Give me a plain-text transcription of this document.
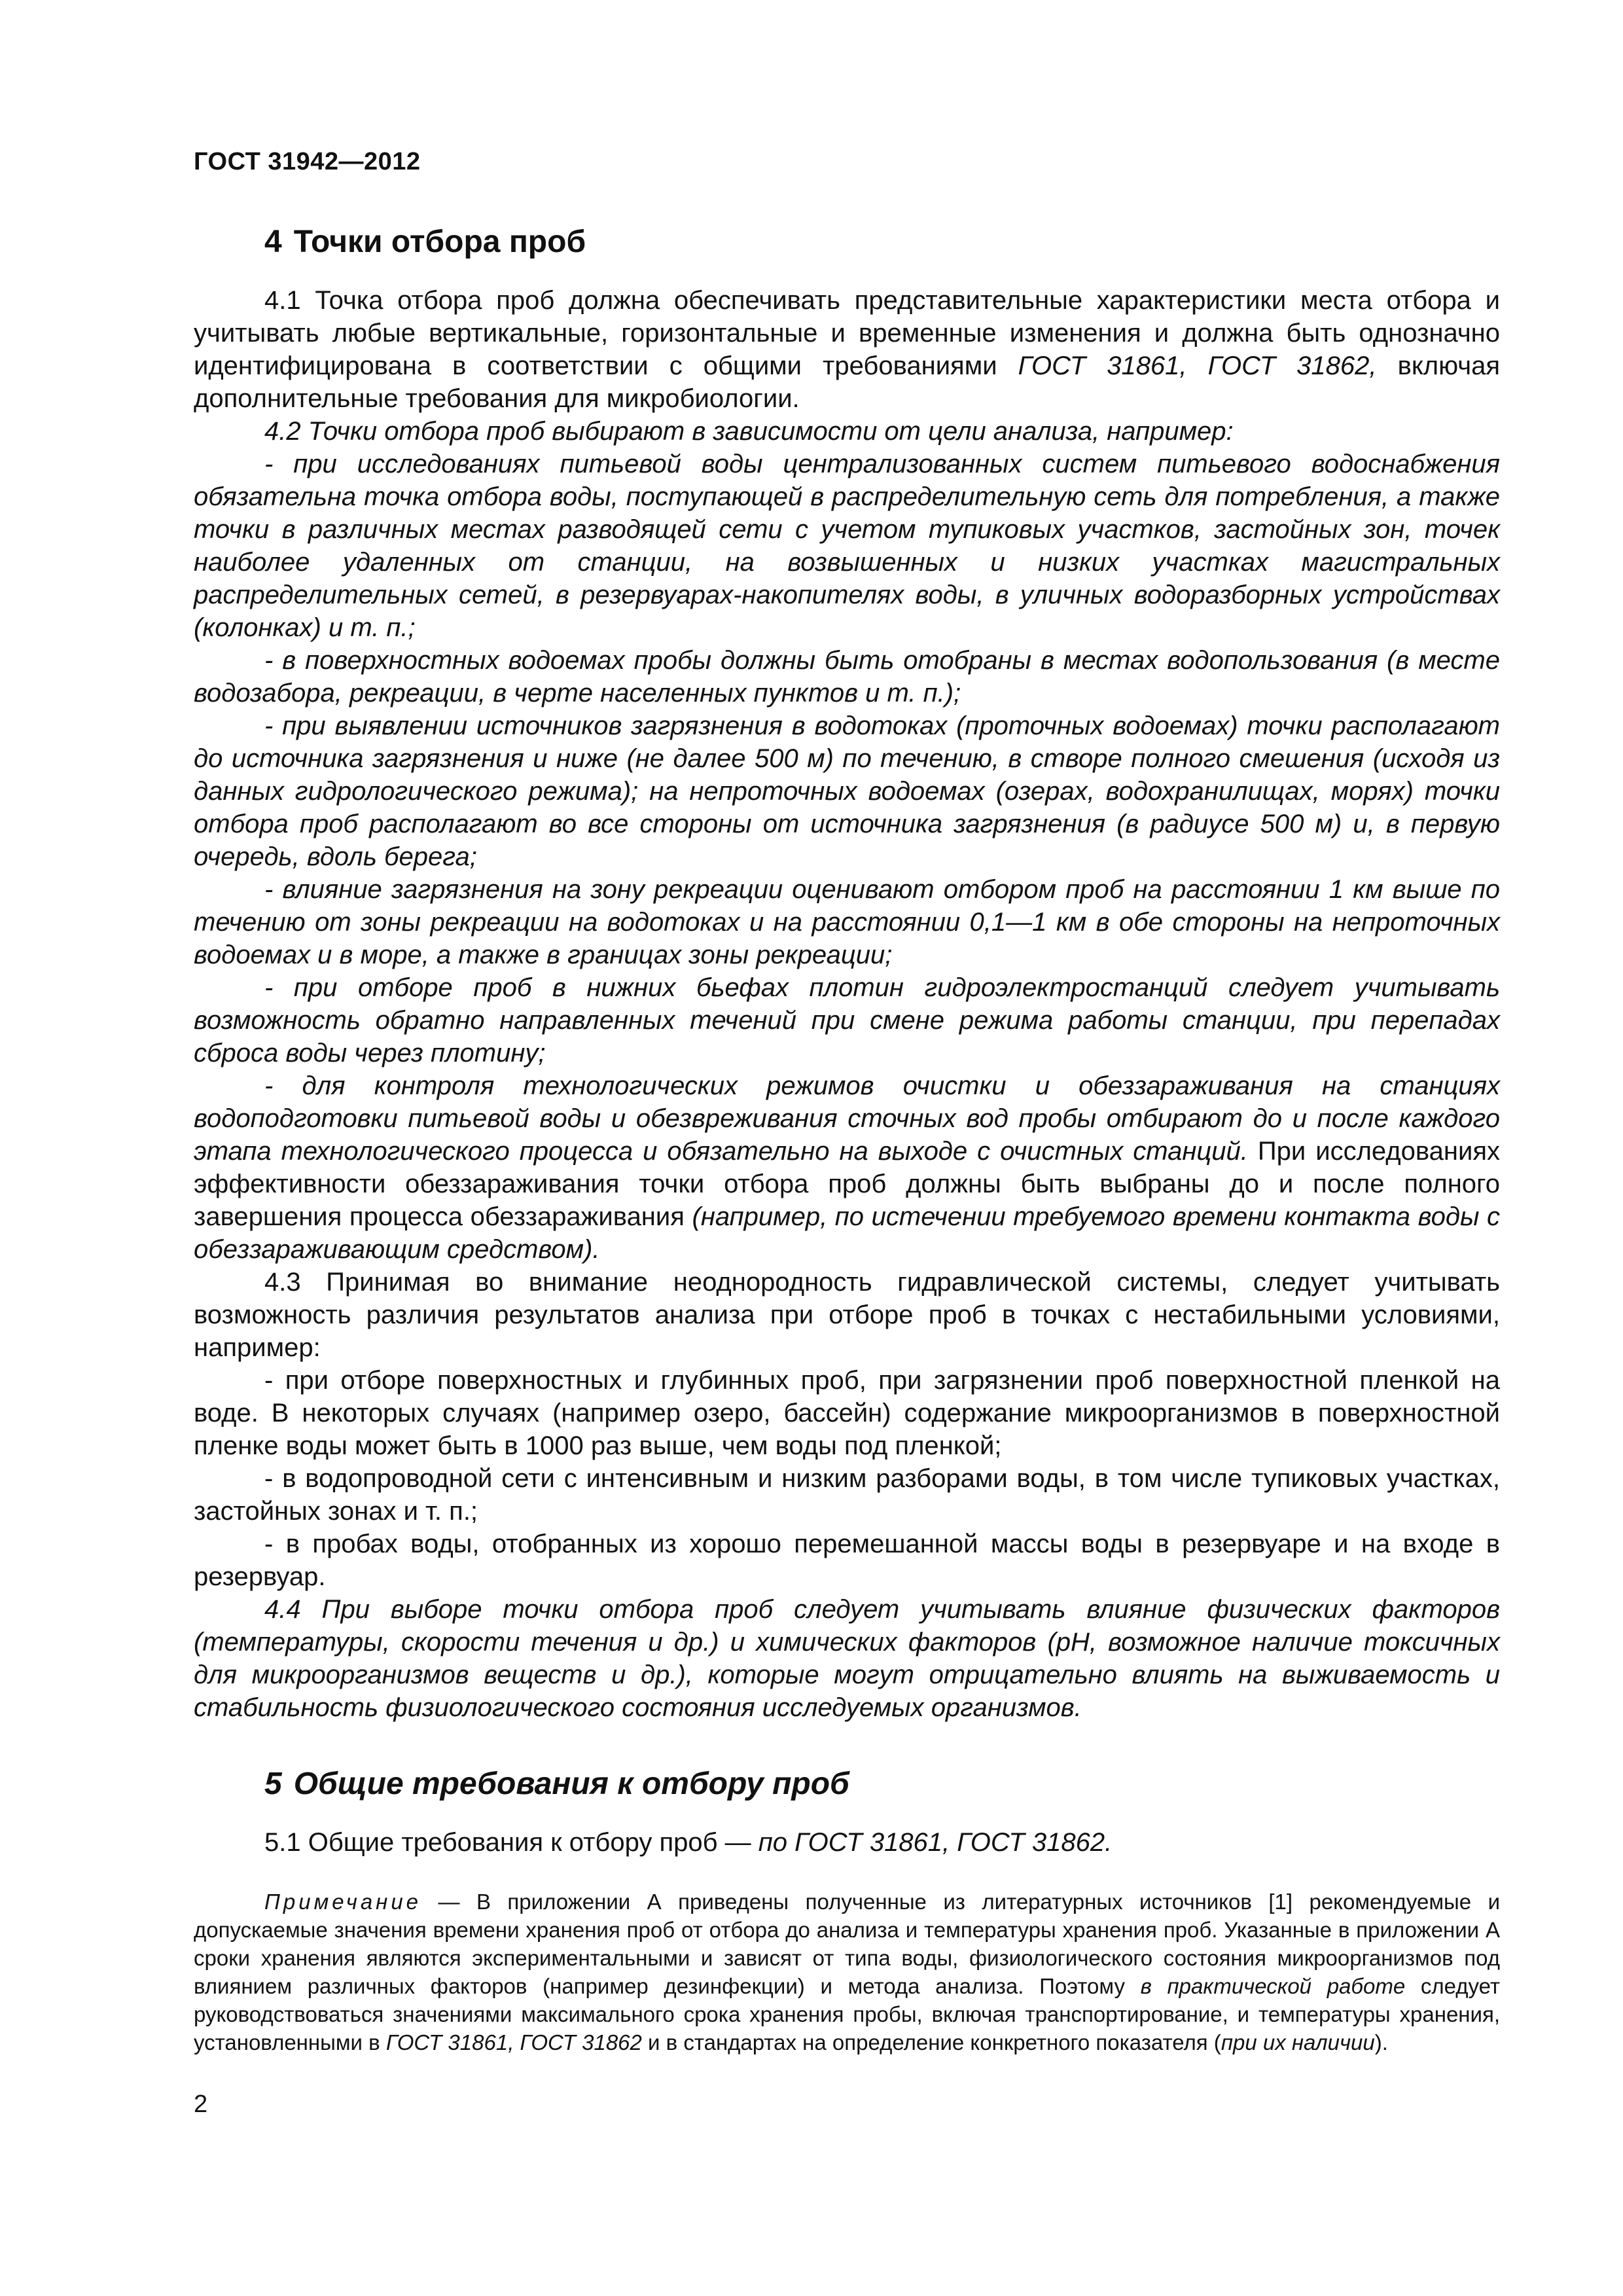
ГОСТ 31942—2012
4 Точки отбора проб

4.1 Точка отбора проб должна обеспечивать представительные характеристики места отбора и учитывать любые вертикальные, горизонтальные и временные изменения и должна быть однозначно идентифицирована в соответствии с общими требованиями ГОСТ 31861, ГОСТ 31862, включая дополнительные требования для микробиологии.

4.2 Точки отбора проб выбирают в зависимости от цели анализа, например:

- при исследованиях питьевой воды централизованных систем питьевого водоснабжения обязательна точка отбора воды, поступающей в распределительную сеть для потребления, а также точки в различных местах разводящей сети с учетом тупиковых участков, застойных зон, точек наиболее удаленных от станции, на возвышенных и низких участках магистральных распределительных сетей, в резервуарах-накопителях воды, в уличных водоразборных устройствах (колонках) и т. п.;

- в поверхностных водоемах пробы должны быть отобраны в местах водопользования (в месте водозабора, рекреации, в черте населенных пунктов и т. п.);

- при выявлении источников загрязнения в водотоках (проточных водоемах) точки располагают до источника загрязнения и ниже (не далее 500 м) по течению, в створе полного смешения (исходя из данных гидрологического режима); на непроточных водоемах (озерах, водохранилищах, морях) точки отбора проб располагают во все стороны от источника загрязнения (в радиусе 500 м) и, в первую очередь, вдоль берега;

- влияние загрязнения на зону рекреации оценивают отбором проб на расстоянии 1 км выше по течению от зоны рекреации на водотоках и на расстоянии 0,1—1 км в обе стороны на непроточных водоемах и в море, а также в границах зоны рекреации;

- при отборе проб в нижних бьефах плотин гидроэлектростанций следует учитывать возможность обратно направленных течений при смене режима работы станции, при перепадах сброса воды через плотину;

- для контроля технологических режимов очистки и обеззараживания на станциях водоподготовки питьевой воды и обезвреживания сточных вод пробы отбирают до и после каждого этапа технологического процесса и обязательно на выходе с очистных станций. При исследованиях эффективности обеззараживания точки отбора проб должны быть выбраны до и после полного завершения процесса обеззараживания (например, по истечении требуемого времени контакта воды с обеззараживающим средством).

4.3 Принимая во внимание неоднородность гидравлической системы, следует учитывать возможность различия результатов анализа при отборе проб в точках с нестабильными условиями, например:

- при отборе поверхностных и глубинных проб, при загрязнении проб поверхностной пленкой на воде. В некоторых случаях (например озеро, бассейн) содержание микроорганизмов в поверхностной пленке воды может быть в 1000 раз выше, чем воды под пленкой;

- в водопроводной сети с интенсивным и низким разборами воды, в том числе тупиковых участках, застойных зонах и т. п.;

- в пробах воды, отобранных из хорошо перемешанной массы воды в резервуаре и на входе в резервуар.

4.4 При выборе точки отбора проб следует учитывать влияние физических факторов (температуры, скорости течения и др.) и химических факторов (pH, возможное наличие токсичных для микроорганизмов веществ и др.), которые могут отрицательно влиять на выживаемость и стабильность физиологического состояния исследуемых организмов.

5 Общие требования к отбору проб

5.1 Общие требования к отбору проб — по ГОСТ 31861, ГОСТ 31862.

Примечание — В приложении А приведены полученные из литературных источников [1] рекомендуемые и допускаемые значения времени хранения проб от отбора до анализа и температуры хранения проб. Указанные в приложении А сроки хранения являются экспериментальными и зависят от типа воды, физиологического состояния микроорганизмов под влиянием различных факторов (например дезинфекции) и метода анализа. Поэтому в практической работе следует руководствоваться значениями максимального срока хранения пробы, включая транспортирование, и температуры хранения, установленными в ГОСТ 31861, ГОСТ 31862 и в стандартах на определение конкретного показателя (при их наличии).

2
